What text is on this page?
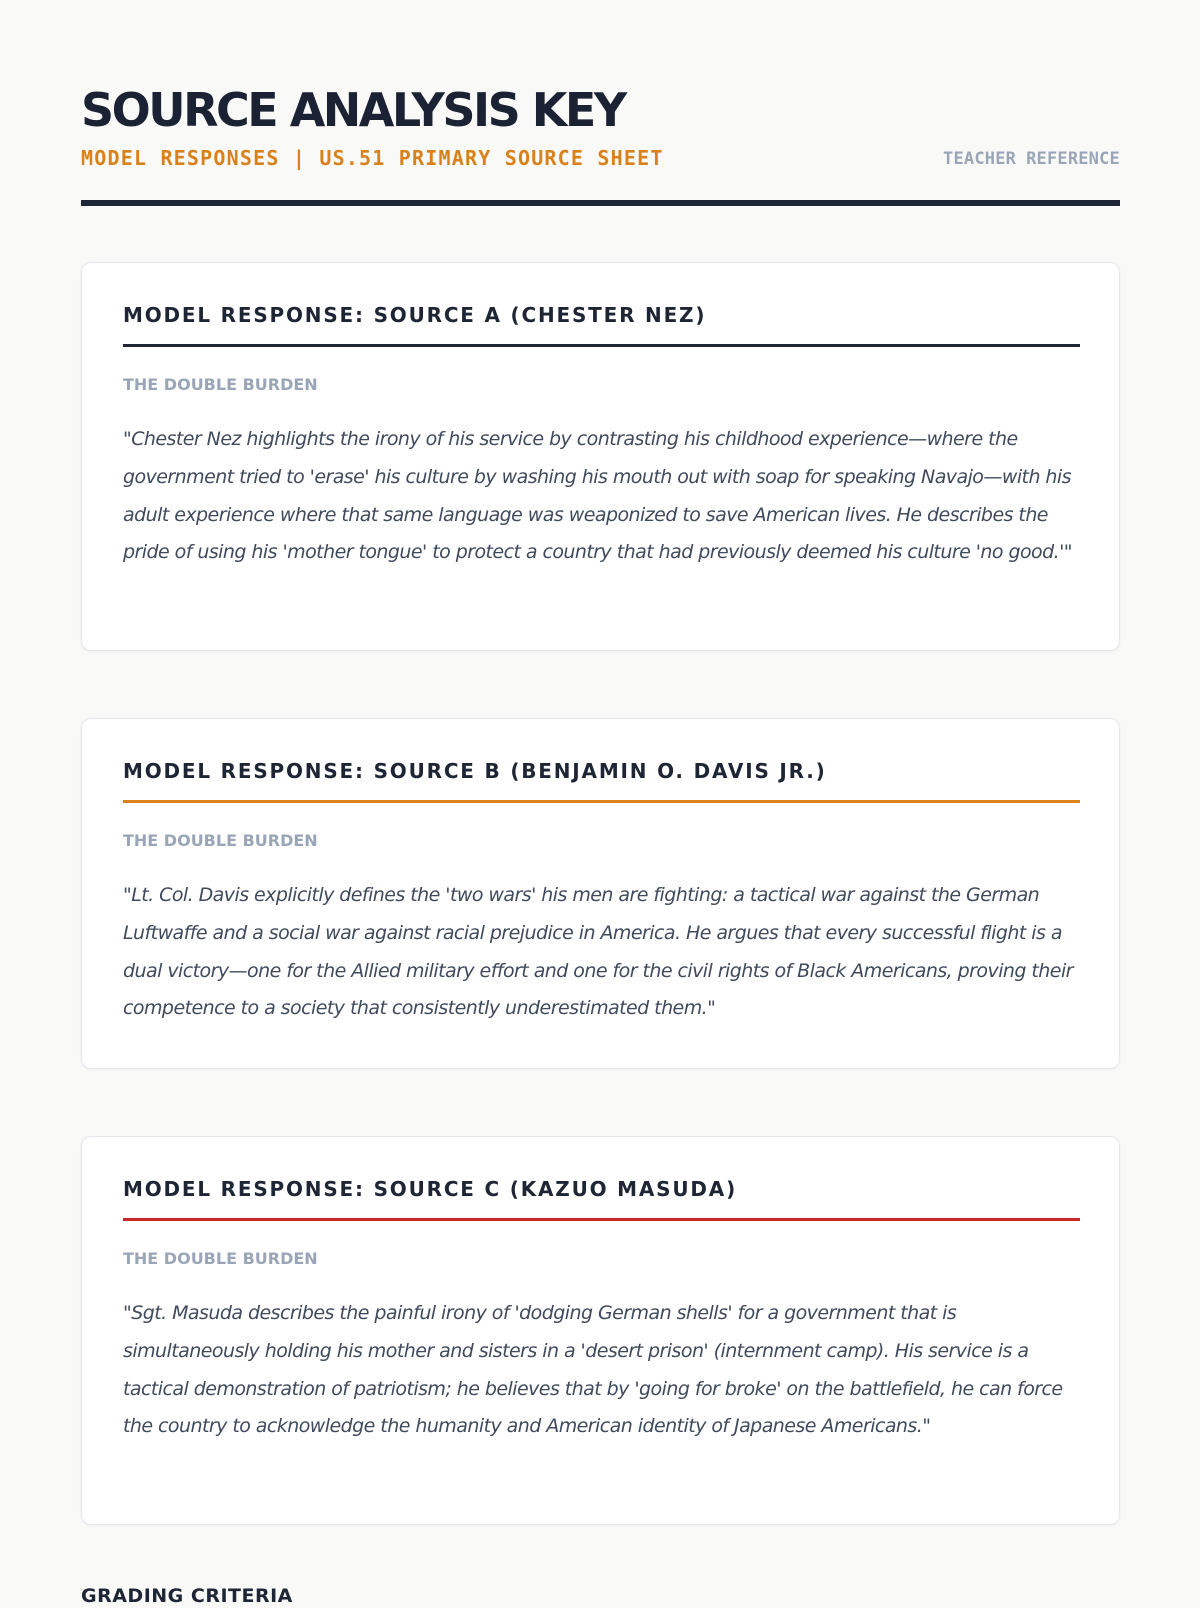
SOURCE ANALYSIS KEY
MODEL RESPONSES | US.51 PRIMARY SOURCE SHEET	TEACHER REFERENCE
MODEL RESPONSE: SOURCE A (CHESTER NEZ)
THE DOUBLE BURDEN

"Chester Nez highlights the irony of his service by contrasting his childhood experience—where the government tried to 'erase' his culture by washing his mouth out with soap for speaking Navajo—with his adult experience where that same language was weaponized to save American lives. He describes the pride of using his 'mother tongue' to protect a country that had previously deemed his culture 'no good.'"

MODEL RESPONSE: SOURCE B (BENJAMIN O. DAVIS JR.)
THE DOUBLE BURDEN

"Lt. Col. Davis explicitly defines the 'two wars' his men are fighting: a tactical war against the German Luftwaffe and a social war against racial prejudice in America. He argues that every successful flight is a dual victory—one for the Allied military effort and one for the civil rights of Black Americans, proving their competence to a society that consistently underestimated them."

MODEL RESPONSE: SOURCE C (KAZUO MASUDA)
THE DOUBLE BURDEN

"Sgt. Masuda describes the painful irony of 'dodging German shells' for a government that is simultaneously holding his mother and sisters in a 'desert prison' (internment camp). His service is a tactical demonstration of patriotism; he believes that by 'going for broke' on the battlefield, he can force the country to acknowledge the humanity and American identity of Japanese Americans."

GRADING CRITERIA
